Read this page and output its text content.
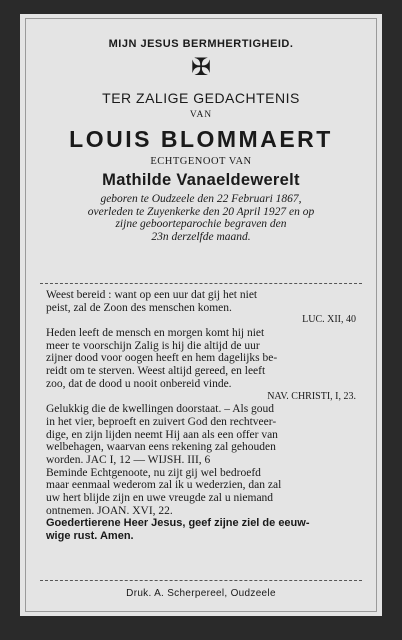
MIJN JESUS BERMHERTIGHEID.
✠
TER ZALIGE GEDACHTENIS
VAN
LOUIS BLOMMAERT
ECHTGENOOT VAN
Mathilde Vanaeldewerelt
geboren te Oudzeele den 22 Februari 1867,
overleden te Zuyenkerke den 20 April 1927 en op
zijne geboorteparochie begraven den
23n derzelfde maand.
Weest bereid : want op een uur dat gij het niet
peist, zal de Zoon des menschen komen.
LUC. XII, 40
Heden leeft de mensch en morgen komt hij niet
meer te voorschijn Zalig is hij die altijd de uur
zijner dood voor oogen heeft en hem dagelijks be-
reidt om te sterven. Weest altijd gereed, en leeft
zoo, dat de dood u nooit onbereid vinde.
NAV. CHRISTI, I, 23.
Gelukkig die de kwellingen doorstaat. – Als goud
in het vier, beproeft en zuivert God den rechtveer-
dige, en zijn lijden neemt Hij aan als een offer van
welbehagen, waarvan eens rekening zal gehouden
worden. JAC I, 12 — WIJSH. III, 6
Beminde Echtgenoote, nu zijt gij wel bedroefd
maar eenmaal wederom zal ik u wederzien, dan zal
uw hert blijde zijn en uwe vreugde zal u niemand
ontnemen. JOAN. XVI, 22.
Goedertierene Heer Jesus, geef zijne ziel de eeuw-
wige rust. Amen.
Druk. A. Scherpereel, Oudzeele
